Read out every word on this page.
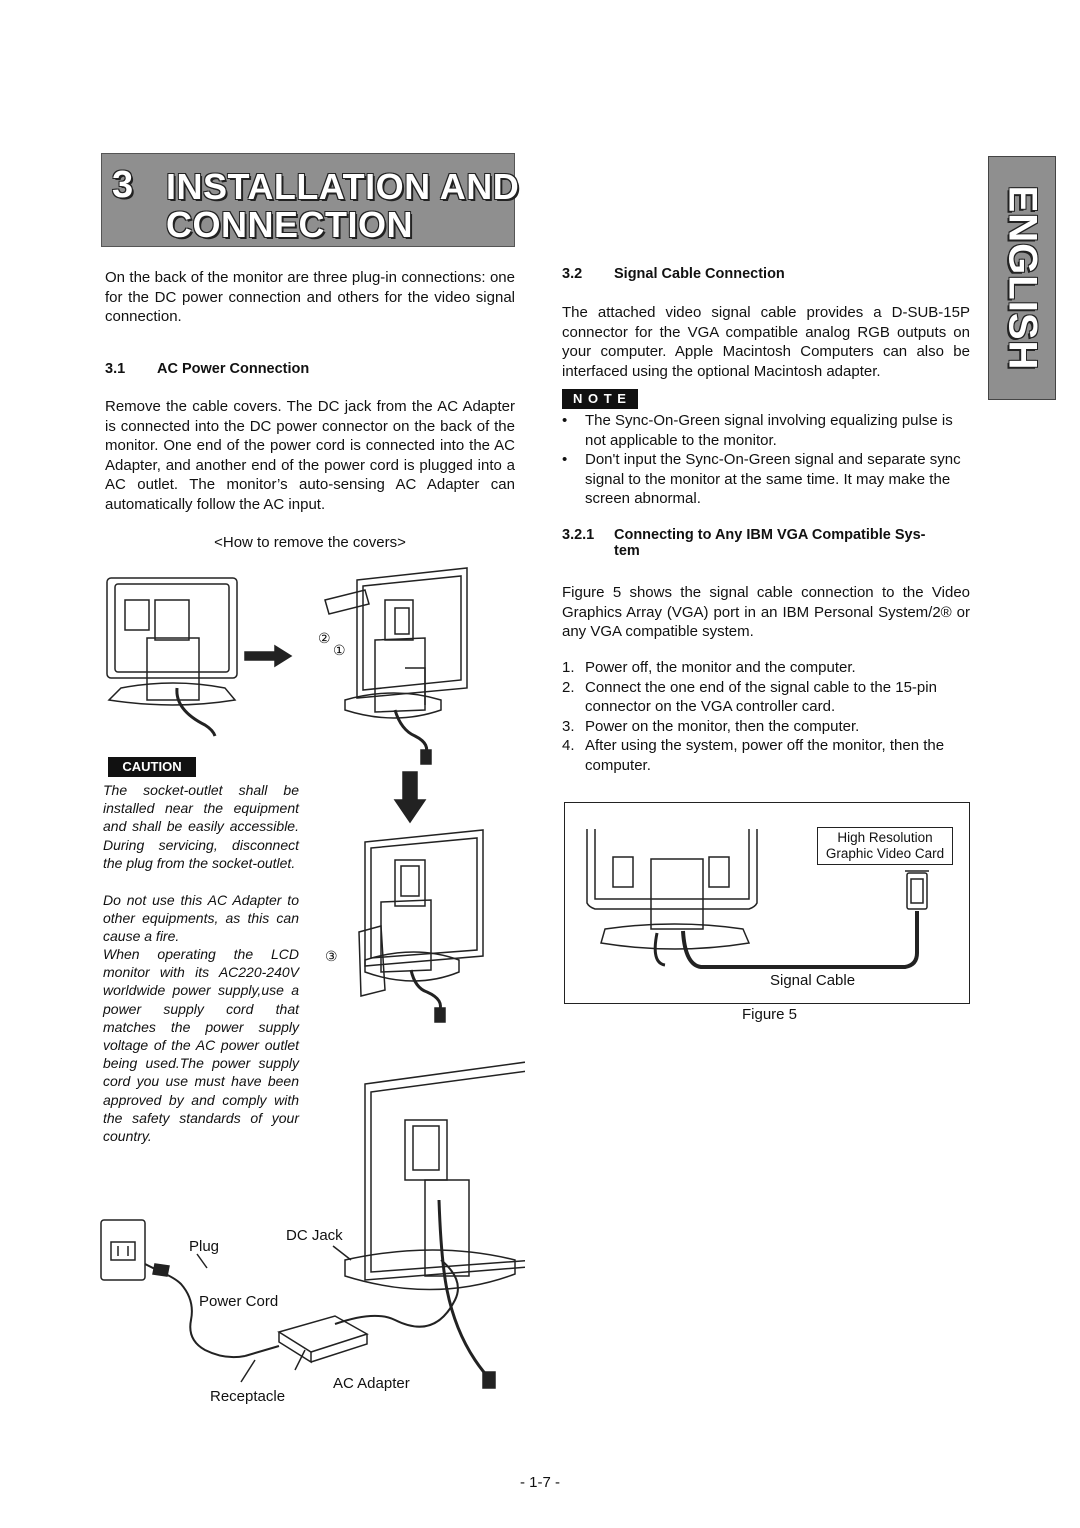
3 INSTALLATION AND
CONNECTION	ENGLISH
On the back of the monitor are three plug-in connections: one for the DC power connection and others for the video signal connection.
3.1 AC Power Connection
Remove the cable covers. The DC jack from the AC Adapter is connected into the DC power connector on the back of the monitor. One end of the power cord is connected into the AC Adapter, and another end of the power cord is plugged into a AC outlet. The monitor’s auto-sensing AC Adapter can automatically follow the AC input.
<How to remove the covers>
CAUTION
The socket-outlet shall be installed near the equipment and shall be easily accessible. During servicing, disconnect the plug from the socket-outlet.
Do not use this AC Adapter to other equipments, as this can cause a fire.
When operating the LCD monitor with its AC220-240V worldwide power supply,use a power supply cord that matches the power supply voltage of the AC power outlet being used.The power supply cord you use must have been approved by and comply with the safety standards of your country.
②
①
③
Plug
DC Jack
Power Cord
AC Adapter
Receptacle
3.2 Signal Cable Connection
The attached video signal cable provides a D-SUB-15P connector for the VGA compatible analog RGB outputs on your computer. Apple Macintosh Computers can also be interfaced using the optional Macintosh adapter.
N O T E
• The Sync-On-Green signal involving equalizing pulse is not applicable to the monitor.
• Don't input the Sync-On-Green signal and separate sync signal to the monitor at the same time. It may make the screen abnormal.
3.2.1 Connecting to Any IBM VGA Compatible Sys-
tem
Figure 5 shows the signal cable connection to the Video Graphics Array (VGA) port in an IBM Personal System/2® or any VGA compatible system.
1. Power off, the monitor and the computer.
2. Connect the one end of the signal cable to the 15-pin connector on the VGA controller card.
3. Power on the monitor, then the computer.
4. After using the system, power off the monitor, then the computer.
High Resolution
Graphic Video Card
Signal Cable
Figure 5
- 1-7 -
